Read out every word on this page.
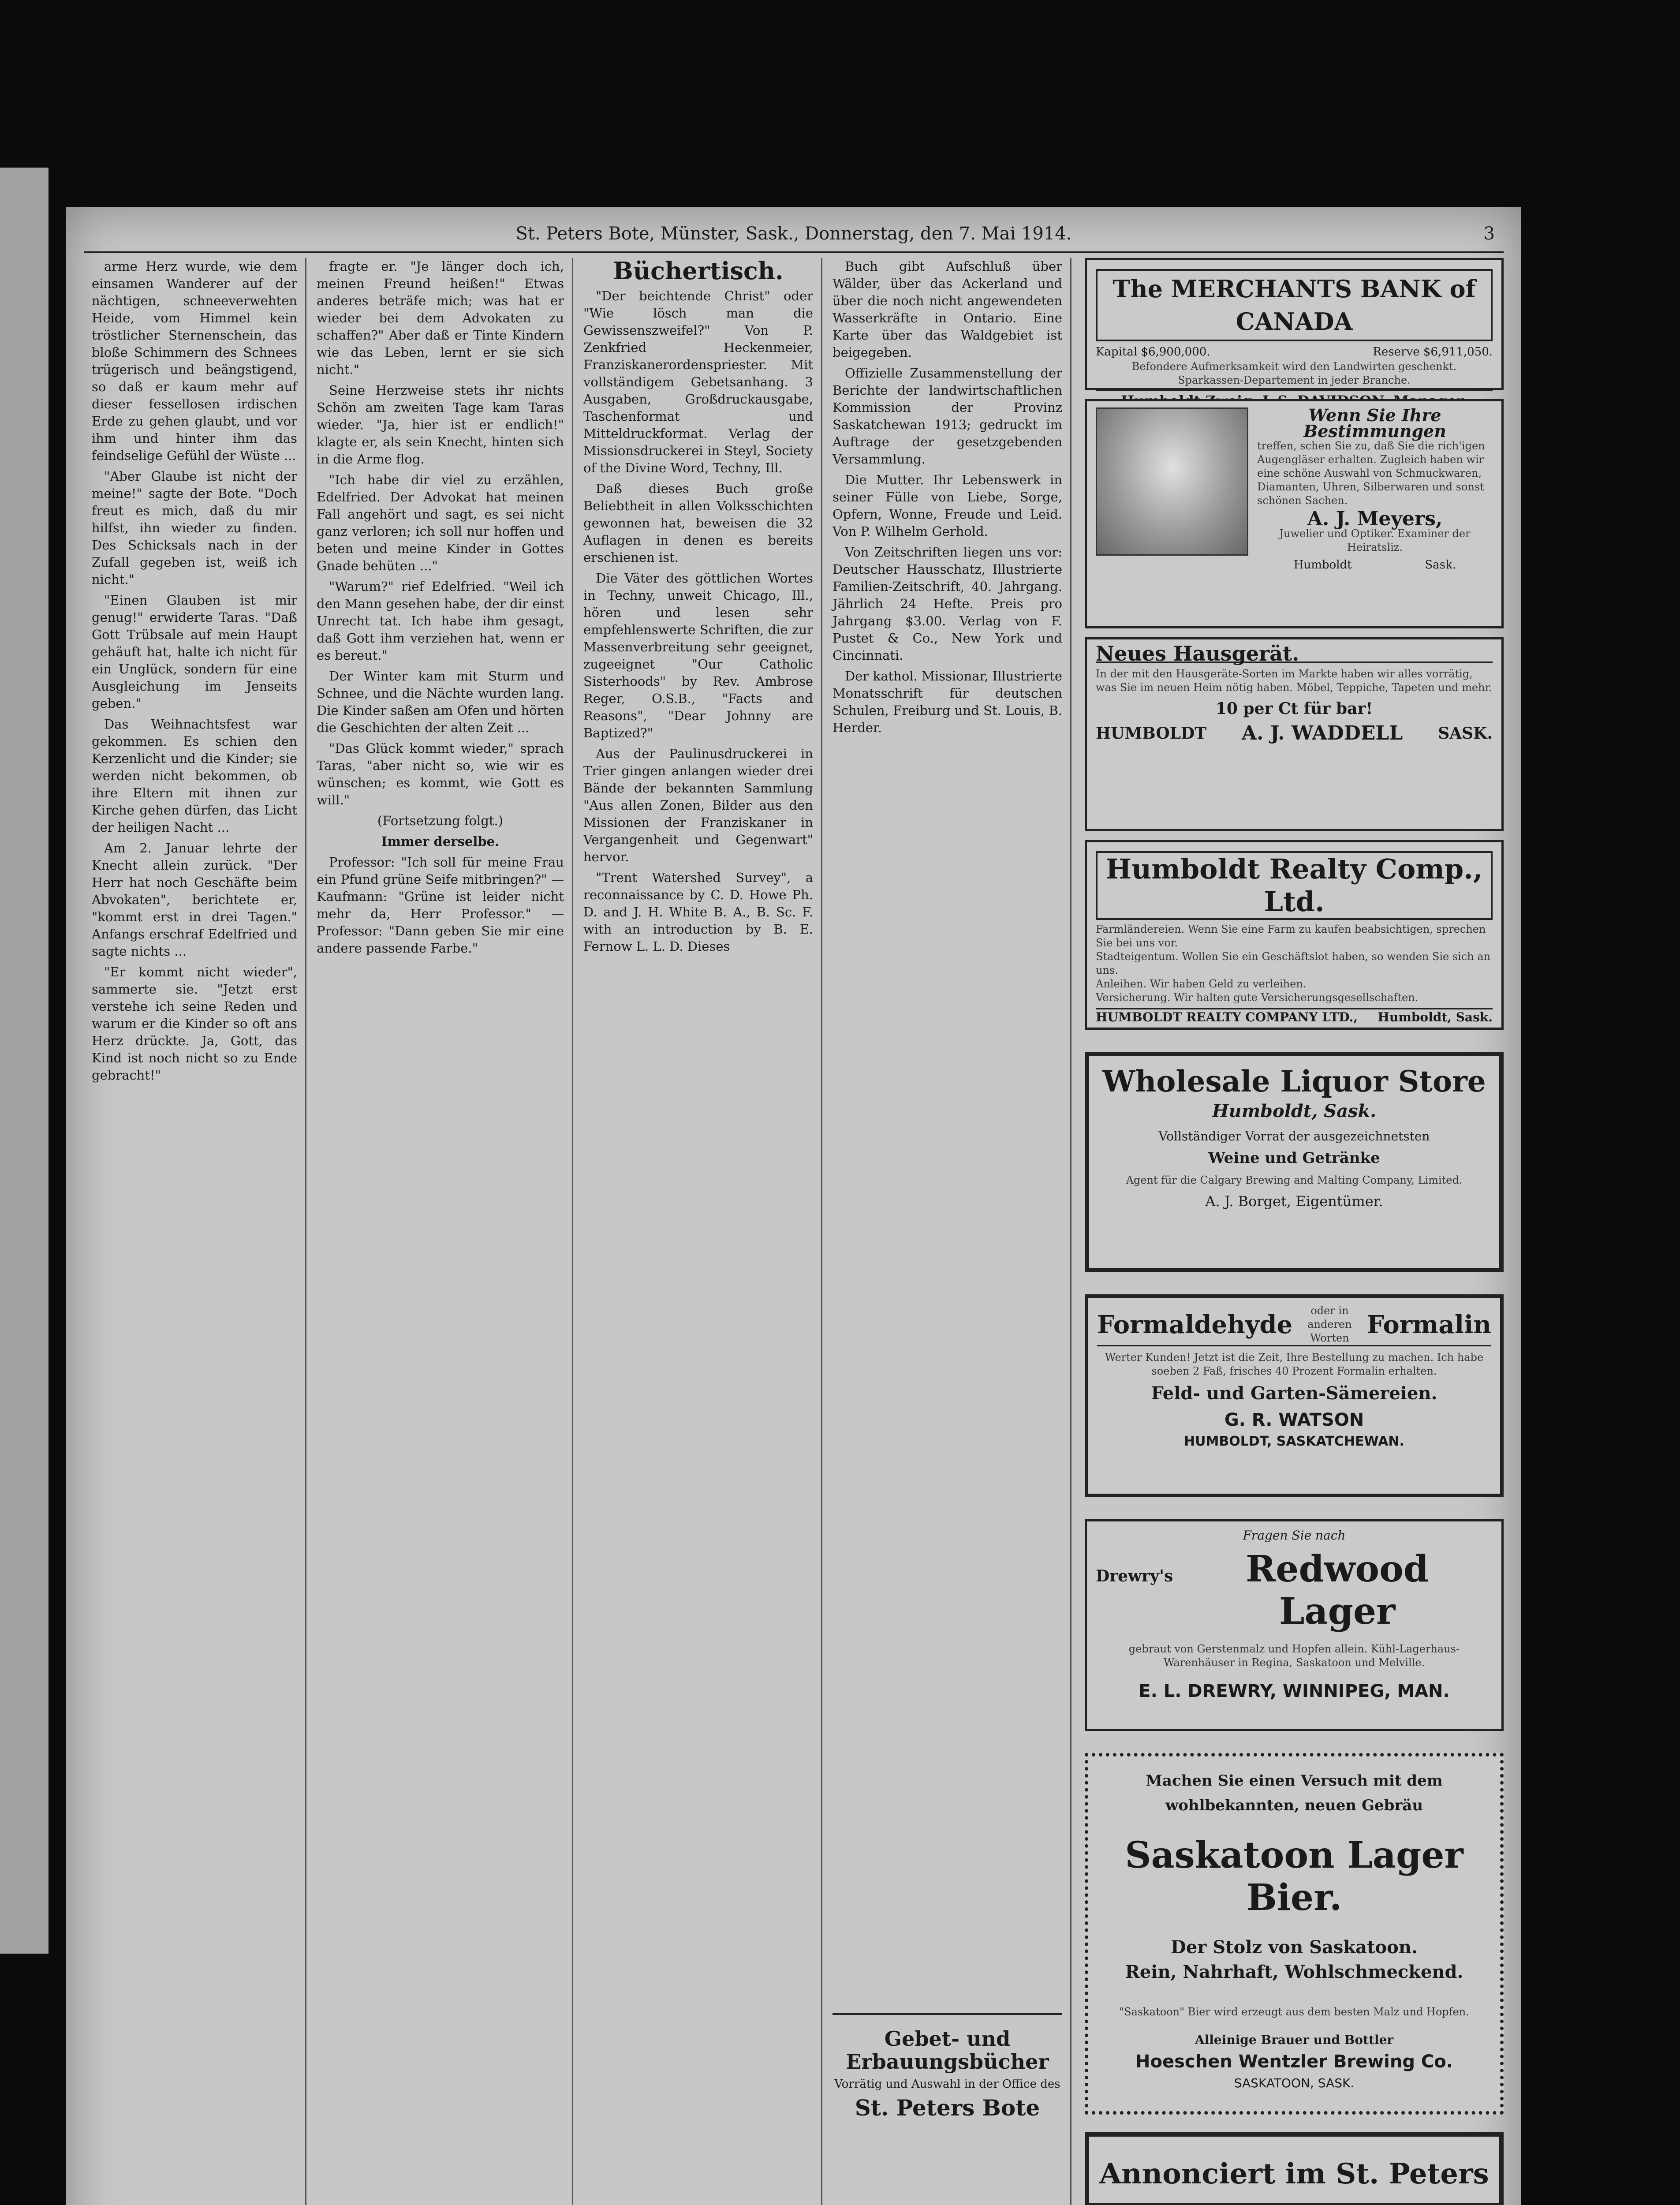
St. Peters Bote, Münster, Sask., Donnerstag, den 7. Mai 1914.	3

arme Herz wurde, wie dem einsamen Wanderer auf der nächtigen, schneeverwehten Heide, vom Himmel kein tröstlicher Sternenschein, das bloße Schimmern des Schnees trügerisch und beängstigend, so daß er kaum mehr auf dieser fessellosen irdischen Erde zu gehen glaubt, und vor ihm und hinter ihm das feindselige Gefühl der Wüste ...

"Aber Glaube ist nicht der meine!" sagte der Bote. "Doch freut es mich, daß du mir hilfst, ihn wieder zu finden. Des Schicksals nach in der Zufall gegeben ist, weiß ich nicht."

"Einen Glauben ist mir genug!" erwiderte Taras. "Daß Gott Trübsale auf mein Haupt gehäuft hat, halte ich nicht für ein Unglück, sondern für eine Ausgleichung im Jenseits geben."

Das Weihnachtsfest war gekommen. Es schien den Kerzenlicht und die Kinder; sie werden nicht bekommen, ob ihre Eltern mit ihnen zur Kirche gehen dürfen, das Licht der heiligen Nacht ...

Am 2. Januar lehrte der Knecht allein zurück. "Der Herr hat noch Geschäfte beim Abvokaten", berichtete er, "kommt erst in drei Tagen." Anfangs erschraf Edelfried und sagte nichts ...

"Er kommt nicht wieder", sammerte sie. "Jetzt erst verstehe ich seine Reden und warum er die Kinder so oft ans Herz drückte. Ja, Gott, das Kind ist noch nicht so zu Ende gebracht!"

fragte er. "Je länger doch ich, meinen Freund heißen!" Etwas anderes beträfe mich; was hat er wieder bei dem Advokaten zu schaffen?" Aber daß er Tinte Kindern wie das Leben, lernt er sie sich nicht."

Seine Herzweise stets ihr nichts Schön am zweiten Tage kam Taras wieder. "Ja, hier ist er endlich!" klagte er, als sein Knecht, hinten sich in die Arme flog.

"Ich habe dir viel zu erzählen, Edelfried. Der Advokat hat meinen Fall angehört und sagt, es sei nicht ganz verloren; ich soll nur hoffen und beten und meine Kinder in Gottes Gnade behüten ..."

"Warum?" rief Edelfried. "Weil ich den Mann gesehen habe, der dir einst Unrecht tat. Ich habe ihm gesagt, daß Gott ihm verziehen hat, wenn er es bereut."

Der Winter kam mit Sturm und Schnee, und die Nächte wurden lang. Die Kinder saßen am Ofen und hörten die Geschichten der alten Zeit ...

"Das Glück kommt wieder," sprach Taras, "aber nicht so, wie wir es wünschen; es kommt, wie Gott es will."

(Fortsetzung folgt.)

Immer derselbe.

Professor: "Ich soll für meine Frau ein Pfund grüne Seife mitbringen?" — Kaufmann: "Grüne ist leider nicht mehr da, Herr Professor." — Professor: "Dann geben Sie mir eine andere passende Farbe."

Büchertisch.

"Der beichtende Christ" oder "Wie lösch man die Gewissenszweifel?" Von P. Zenkfried Heckenmeier, Franziskanerordenspriester. Mit vollständigem Gebetsanhang. 3 Ausgaben, Großdruckausgabe, Taschenformat und Mitteldruckformat. Verlag der Missionsdruckerei in Steyl, Society of the Divine Word, Techny, Ill.

Daß dieses Buch große Beliebtheit in allen Volksschichten gewonnen hat, beweisen die 32 Auflagen in denen es bereits erschienen ist.

Die Väter des göttlichen Wortes in Techny, unweit Chicago, Ill., hören und lesen sehr empfehlenswerte Schriften, die zur Massenverbreitung sehr geeignet, zugeeignet "Our Catholic Sisterhoods" by Rev. Ambrose Reger, O.S.B., "Facts and Reasons", "Dear Johnny are Baptized?"

Aus der Paulinusdruckerei in Trier gingen anlangen wieder drei Bände der bekannten Sammlung "Aus allen Zonen, Bilder aus den Missionen der Franziskaner in Vergangenheit und Gegenwart" hervor.

"Trent Watershed Survey", a reconnaissance by C. D. Howe Ph. D. and J. H. White B. A., B. Sc. F. with an introduction by B. E. Fernow L. L. D. Dieses

Buch gibt Aufschluß über Wälder, über das Ackerland und über die noch nicht angewendeten Wasserkräfte in Ontario. Eine Karte über das Waldgebiet ist beigegeben.

Offizielle Zusammenstellung der Berichte der landwirtschaftlichen Kommission der Provinz Saskatchewan 1913; gedruckt im Auftrage der gesetzgebenden Versammlung.

Die Mutter. Ihr Lebenswerk in seiner Fülle von Liebe, Sorge, Opfern, Wonne, Freude und Leid. Von P. Wilhelm Gerhold.

Von Zeitschriften liegen uns vor: Deutscher Hausschatz, Illustrierte Familien-Zeitschrift, 40. Jahrgang. Jährlich 24 Hefte. Preis pro Jahrgang $3.00. Verlag von F. Pustet & Co., New York und Cincinnati.

Der kathol. Missionar, Illustrierte Monatsschrift für deutschen Schulen, Freiburg und St. Louis, B. Herder.

Gebet- und Erbauungsbücher
Vorrätig und Auswahl in der Office des
St. Peters Bote
The MERCHANTS BANK of CANADA
Kapital $6,900,000.	Reserve $6,911,050.
Befondere Aufmerksamkeit wird den Landwirten geschenkt.
Sparkassen-Departement in jeder Branche.
Wenn Sie Ihre Bestimmungen
treffen, schen Sie zu, daß Sie die rich'igen Augengläser erhalten. Zugleich haben wir eine schöne Auswahl von Schmuckwaren, Diamanten, Uhren, Silberwaren und sonst schönen Sachen.
A. J. Meyers,
Juwelier und Optiker. Examiner der Heiratsliz.
Humboldt	Sask.
Neues Hausgerät.
In der mit den Hausgeräte-Sorten im Markte haben wir alles vorrätig, was Sie im neuen Heim nötig haben. Möbel, Teppiche, Tapeten und mehr.
10 per Ct für bar!
HUMBOLDT A. J. WADDELL SASK.
Humboldt Realty Comp., Ltd.
Farmländereien. Wenn Sie eine Farm zu kaufen beabsichtigen, sprechen Sie bei uns vor.
Stadteigentum. Wollen Sie ein Geschäftslot haben, so wenden Sie sich an uns.
Anleihen. Wir haben Geld zu verleihen.
Versicherung. Wir halten gute Versicherungsgesellschaften.
HUMBOLDT REALTY COMPANY LTD., Humboldt, Sask.
Wholesale Liquor Store
Humboldt, Sask.
Vollständiger Vorrat der ausgezeichnetsten
Weine und Getränke
Agent für die Calgary Brewing and Malting Company, Limited.
A. J. Borget, Eigentümer.
Formaldehyde	oder in anderen Worten Formalin
Werter Kunden! Jetzt ist die Zeit, Ihre Bestellung zu machen. Ich habe soeben 2 Faß, frisches 40 Prozent Formalin erhalten.
Feld- und Garten-Sämereien.
G. R. WATSON
HUMBOLDT, SASKATCHEWAN.
Fragen Sie nach
Drewry's	Redwood Lager
gebraut von Gerstenmalz und Hopfen allein. Kühl-Lagerhaus-Warenhäuser in Regina, Saskatoon und Melville.
E. L. DREWRY, WINNIPEG, MAN.
Machen Sie einen Versuch mit dem
wohlbekannten, neuen Gebräu
Saskatoon Lager Bier.
Der Stolz von Saskatoon.
Rein, Nahrhaft, Wohlschmeckend.
"Saskatoon" Bier wird erzeugt aus dem besten Malz und Hopfen.
Alleinige Brauer und Bottler
Hoeschen Wentzler Brewing Co.
SASKATOON, SASK.
Annonciert im St. Peters
